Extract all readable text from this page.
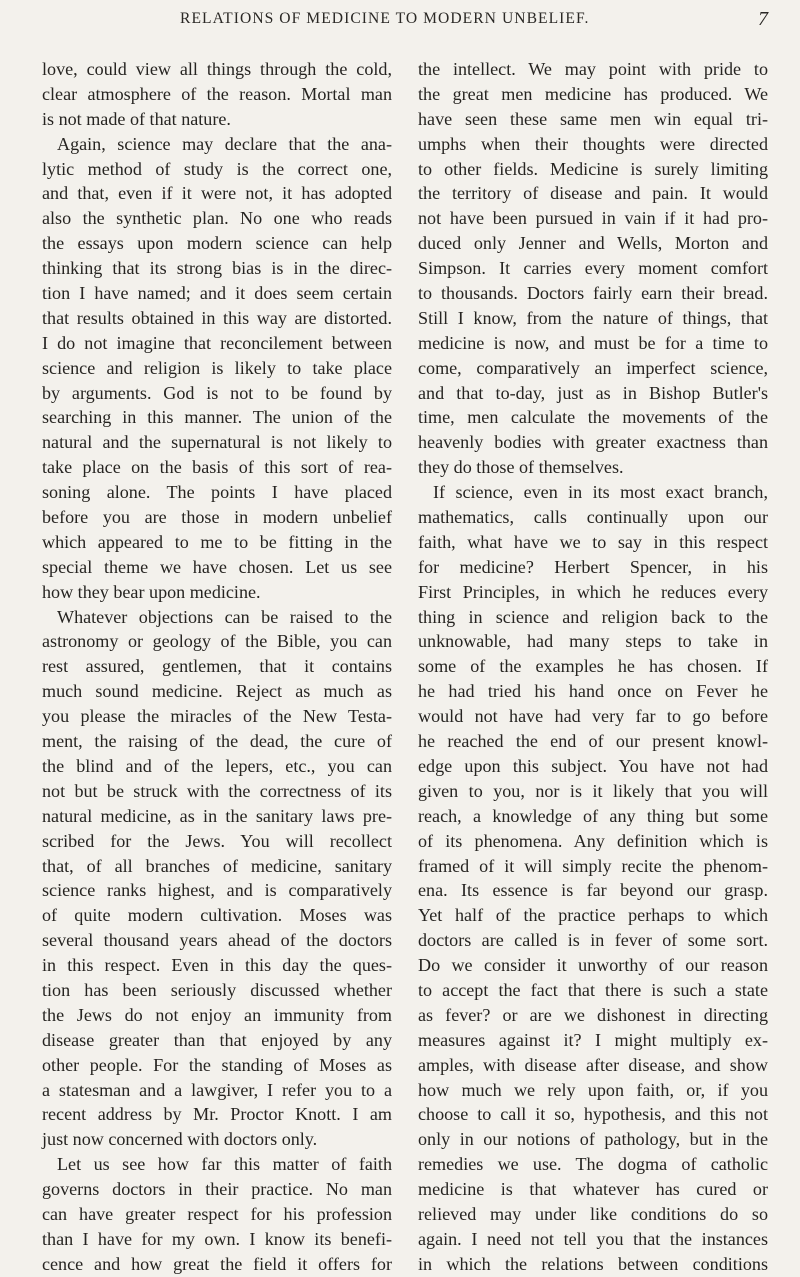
RELATIONS OF MEDICINE TO MODERN UNBELIEF.	7
love, could view all things through the cold,
clear atmosphere of the reason. Mortal man
is not made of that nature.
Again, science may declare that the ana-
lytic method of study is the correct one,
and that, even if it were not, it has adopted
also the synthetic plan. No one who reads
the essays upon modern science can help
thinking that its strong bias is in the direc-
tion I have named; and it does seem certain
that results obtained in this way are distorted.
I do not imagine that reconcilement between
science and religion is likely to take place
by arguments. God is not to be found by
searching in this manner. The union of the
natural and the supernatural is not likely to
take place on the basis of this sort of rea-
soning alone. The points I have placed
before you are those in modern unbelief
which appeared to me to be fitting in the
special theme we have chosen. Let us see
how they bear upon medicine.
Whatever objections can be raised to the
astronomy or geology of the Bible, you can
rest assured, gentlemen, that it contains
much sound medicine. Reject as much as
you please the miracles of the New Testa-
ment, the raising of the dead, the cure of
the blind and of the lepers, etc., you can
not but be struck with the correctness of its
natural medicine, as in the sanitary laws pre-
scribed for the Jews. You will recollect
that, of all branches of medicine, sanitary
science ranks highest, and is comparatively
of quite modern cultivation. Moses was
several thousand years ahead of the doctors
in this respect. Even in this day the ques-
tion has been seriously discussed whether
the Jews do not enjoy an immunity from
disease greater than that enjoyed by any
other people. For the standing of Moses as
a statesman and a lawgiver, I refer you to a
recent address by Mr. Proctor Knott. I am
just now concerned with doctors only.
Let us see how far this matter of faith
governs doctors in their practice. No man
can have greater respect for his profession
than I have for my own. I know its benefi-
cence and how great the field it offers for
the intellect. We may point with pride to
the great men medicine has produced. We
have seen these same men win equal tri-
umphs when their thoughts were directed
to other fields. Medicine is surely limiting
the territory of disease and pain. It would
not have been pursued in vain if it had pro-
duced only Jenner and Wells, Morton and
Simpson. It carries every moment comfort
to thousands. Doctors fairly earn their bread.
Still I know, from the nature of things, that
medicine is now, and must be for a time to
come, comparatively an imperfect science,
and that to-day, just as in Bishop Butler's
time, men calculate the movements of the
heavenly bodies with greater exactness than
they do those of themselves.
If science, even in its most exact branch,
mathematics, calls continually upon our
faith, what have we to say in this respect
for medicine? Herbert Spencer, in his
First Principles, in which he reduces every
thing in science and religion back to the
unknowable, had many steps to take in
some of the examples he has chosen. If
he had tried his hand once on Fever he
would not have had very far to go before
he reached the end of our present knowl-
edge upon this subject. You have not had
given to you, nor is it likely that you will
reach, a knowledge of any thing but some
of its phenomena. Any definition which is
framed of it will simply recite the phenom-
ena. Its essence is far beyond our grasp.
Yet half of the practice perhaps to which
doctors are called is in fever of some sort.
Do we consider it unworthy of our reason
to accept the fact that there is such a state
as fever? or are we dishonest in directing
measures against it? I might multiply ex-
amples, with disease after disease, and show
how much we rely upon faith, or, if you
choose to call it so, hypothesis, and this not
only in our notions of pathology, but in the
remedies we use. The dogma of catholic
medicine is that whatever has cured or
relieved may under like conditions do so
again. I need not tell you that the instances
in which the relations between conditions
